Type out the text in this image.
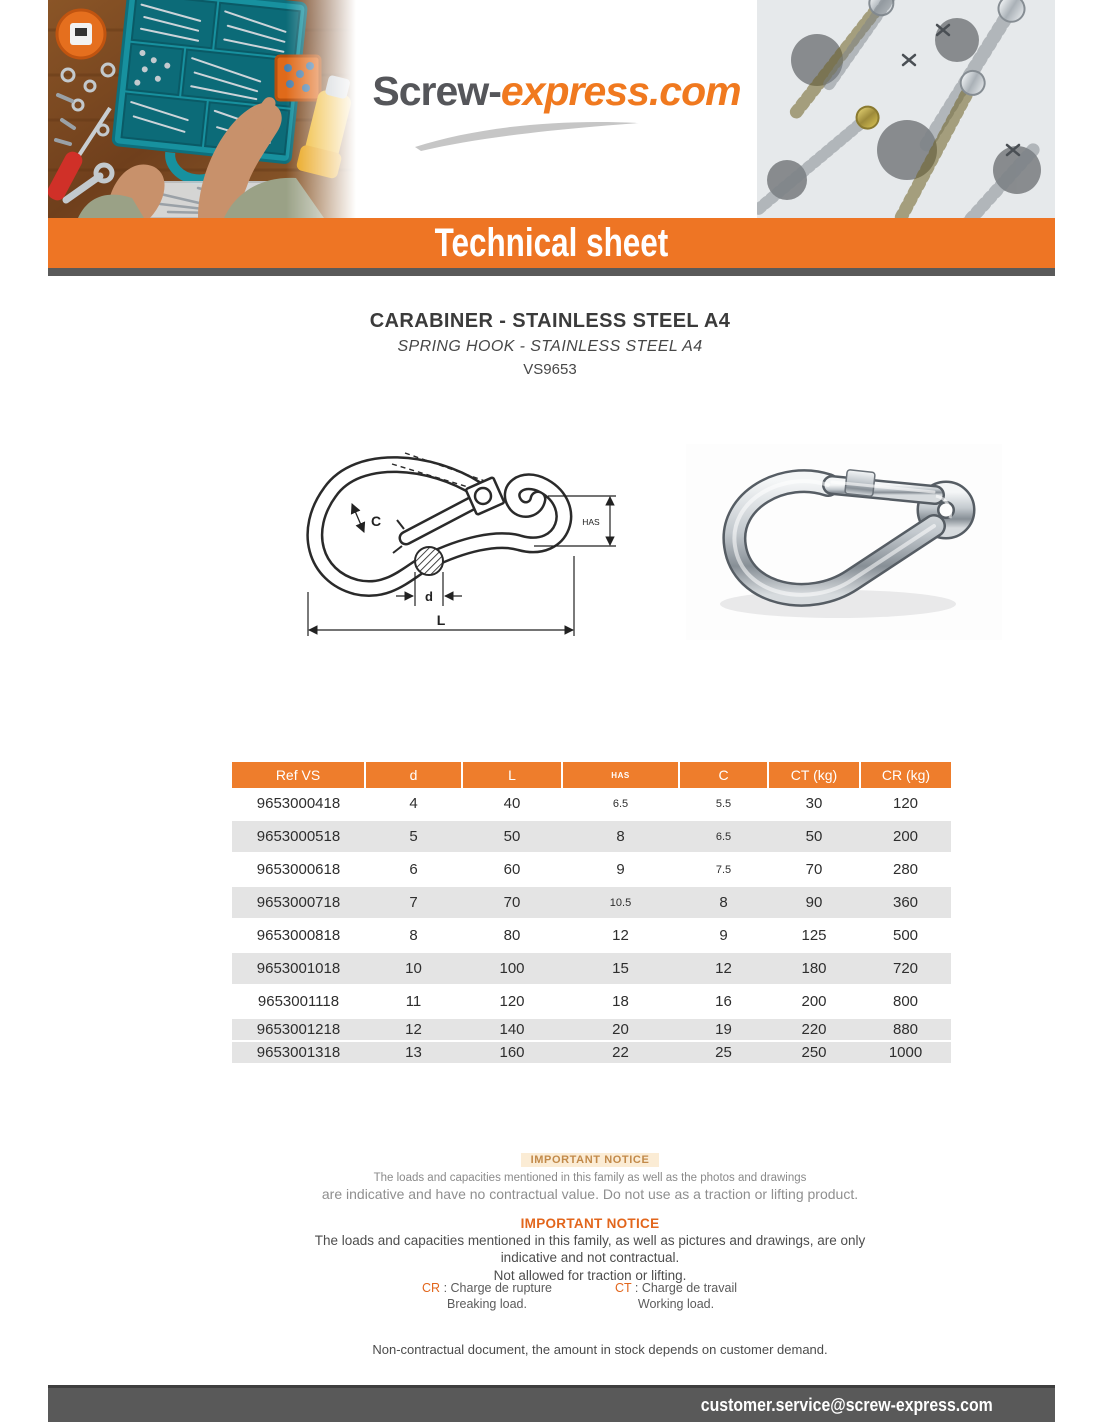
Screw-express.com
Technical sheet
CARABINER - STAINLESS STEEL A4
SPRING HOOK - STAINLESS STEEL A4
VS9653
C	HAS
d
L
Ref VS	d	L	HAS	C	CT (kg)	CR (kg)
9653000418	4	40	6.5	5.5	30	120
9653000518	5	50	8	6.5	50	200
9653000618	6	60	9	7.5	70	280
9653000718	7	70	10.5	8	90	360
9653000818	8	80	12	9	125	500
9653001018	10	100	15	12	180	720
9653001118	11	120	18	16	200	800
9653001218	12	140	20	19	220	880
9653001318	13	160	22	25	250	1000
IMPORTANT NOTICE
The loads and capacities mentioned in this family as well as the photos and drawings
are indicative and have no contractual value. Do not use as a traction or lifting product.
IMPORTANT NOTICE
The loads and capacities mentioned in this family, as well as pictures and drawings, are only indicative and not contractual.
Not allowed for traction or lifting.
CR : Charge de rupture
Breaking load.
CT : Charge de travail
Working load.
Non-contractual document, the amount in stock depends on customer demand.
customer.service@screw-express.com
